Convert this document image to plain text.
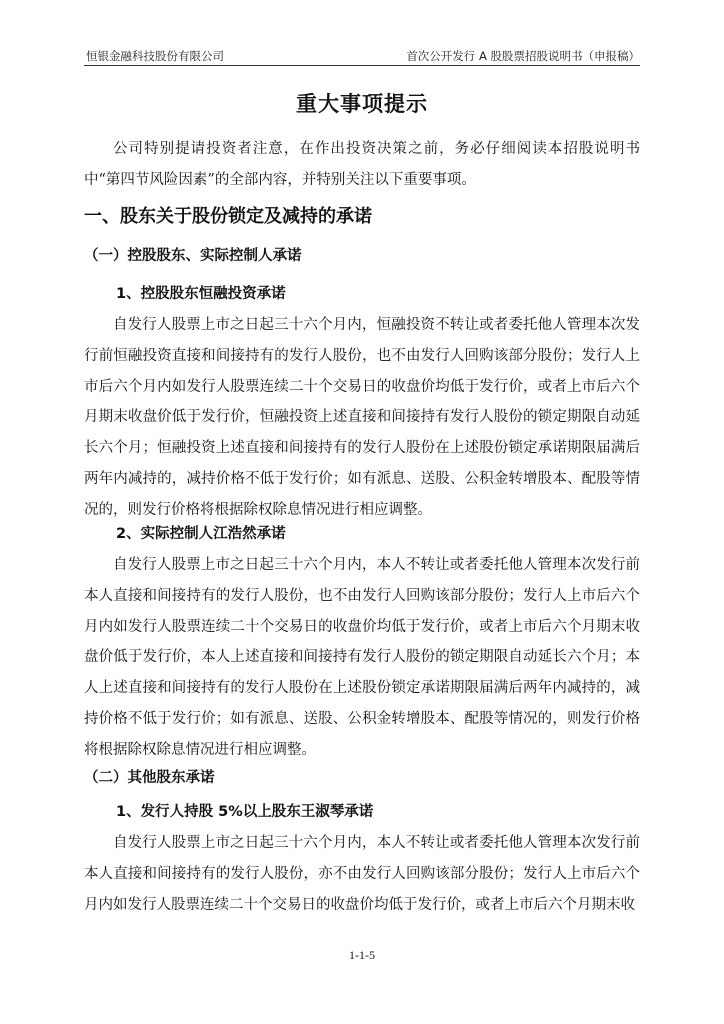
恒银金融科技股份有限公司	首次公开发行 A 股股票招股说明书（申报稿）
重大事项提示

公司特别提请投资者注意，在作出投资决策之前，务必仔细阅读本招股说明书中“第四节风险因素”的全部内容，并特别关注以下重要事项。

一、股东关于股份锁定及减持的承诺
（一）控股股东、实际控制人承诺
1、控股股东恒融投资承诺

自发行人股票上市之日起三十六个月内，恒融投资不转让或者委托他人管理本次发行前恒融投资直接和间接持有的发行人股份，也不由发行人回购该部分股份；发行人上市后六个月内如发行人股票连续二十个交易日的收盘价均低于发行价，或者上市后六个月期末收盘价低于发行价，恒融投资上述直接和间接持有发行人股份的锁定期限自动延长六个月；恒融投资上述直接和间接持有的发行人股份在上述股份锁定承诺期限届满后两年内减持的，减持价格不低于发行价；如有派息、送股、公积金转增股本、配股等情况的，则发行价格将根据除权除息情况进行相应调整。

2、实际控制人江浩然承诺

自发行人股票上市之日起三十六个月内，本人不转让或者委托他人管理本次发行前本人直接和间接持有的发行人股份，也不由发行人回购该部分股份；发行人上市后六个月内如发行人股票连续二十个交易日的收盘价均低于发行价，或者上市后六个月期末收盘价低于发行价，本人上述直接和间接持有发行人股份的锁定期限自动延长六个月；本人上述直接和间接持有的发行人股份在上述股份锁定承诺期限届满后两年内减持的，减持价格不低于发行价；如有派息、送股、公积金转增股本、配股等情况的，则发行价格将根据除权除息情况进行相应调整。

（二）其他股东承诺
1、发行人持股 5%以上股东王淑琴承诺

自发行人股票上市之日起三十六个月内，本人不转让或者委托他人管理本次发行前本人直接和间接持有的发行人股份，亦不由发行人回购该部分股份；发行人上市后六个月内如发行人股票连续二十个交易日的收盘价均低于发行价，或者上市后六个月期末收

1-1-5
